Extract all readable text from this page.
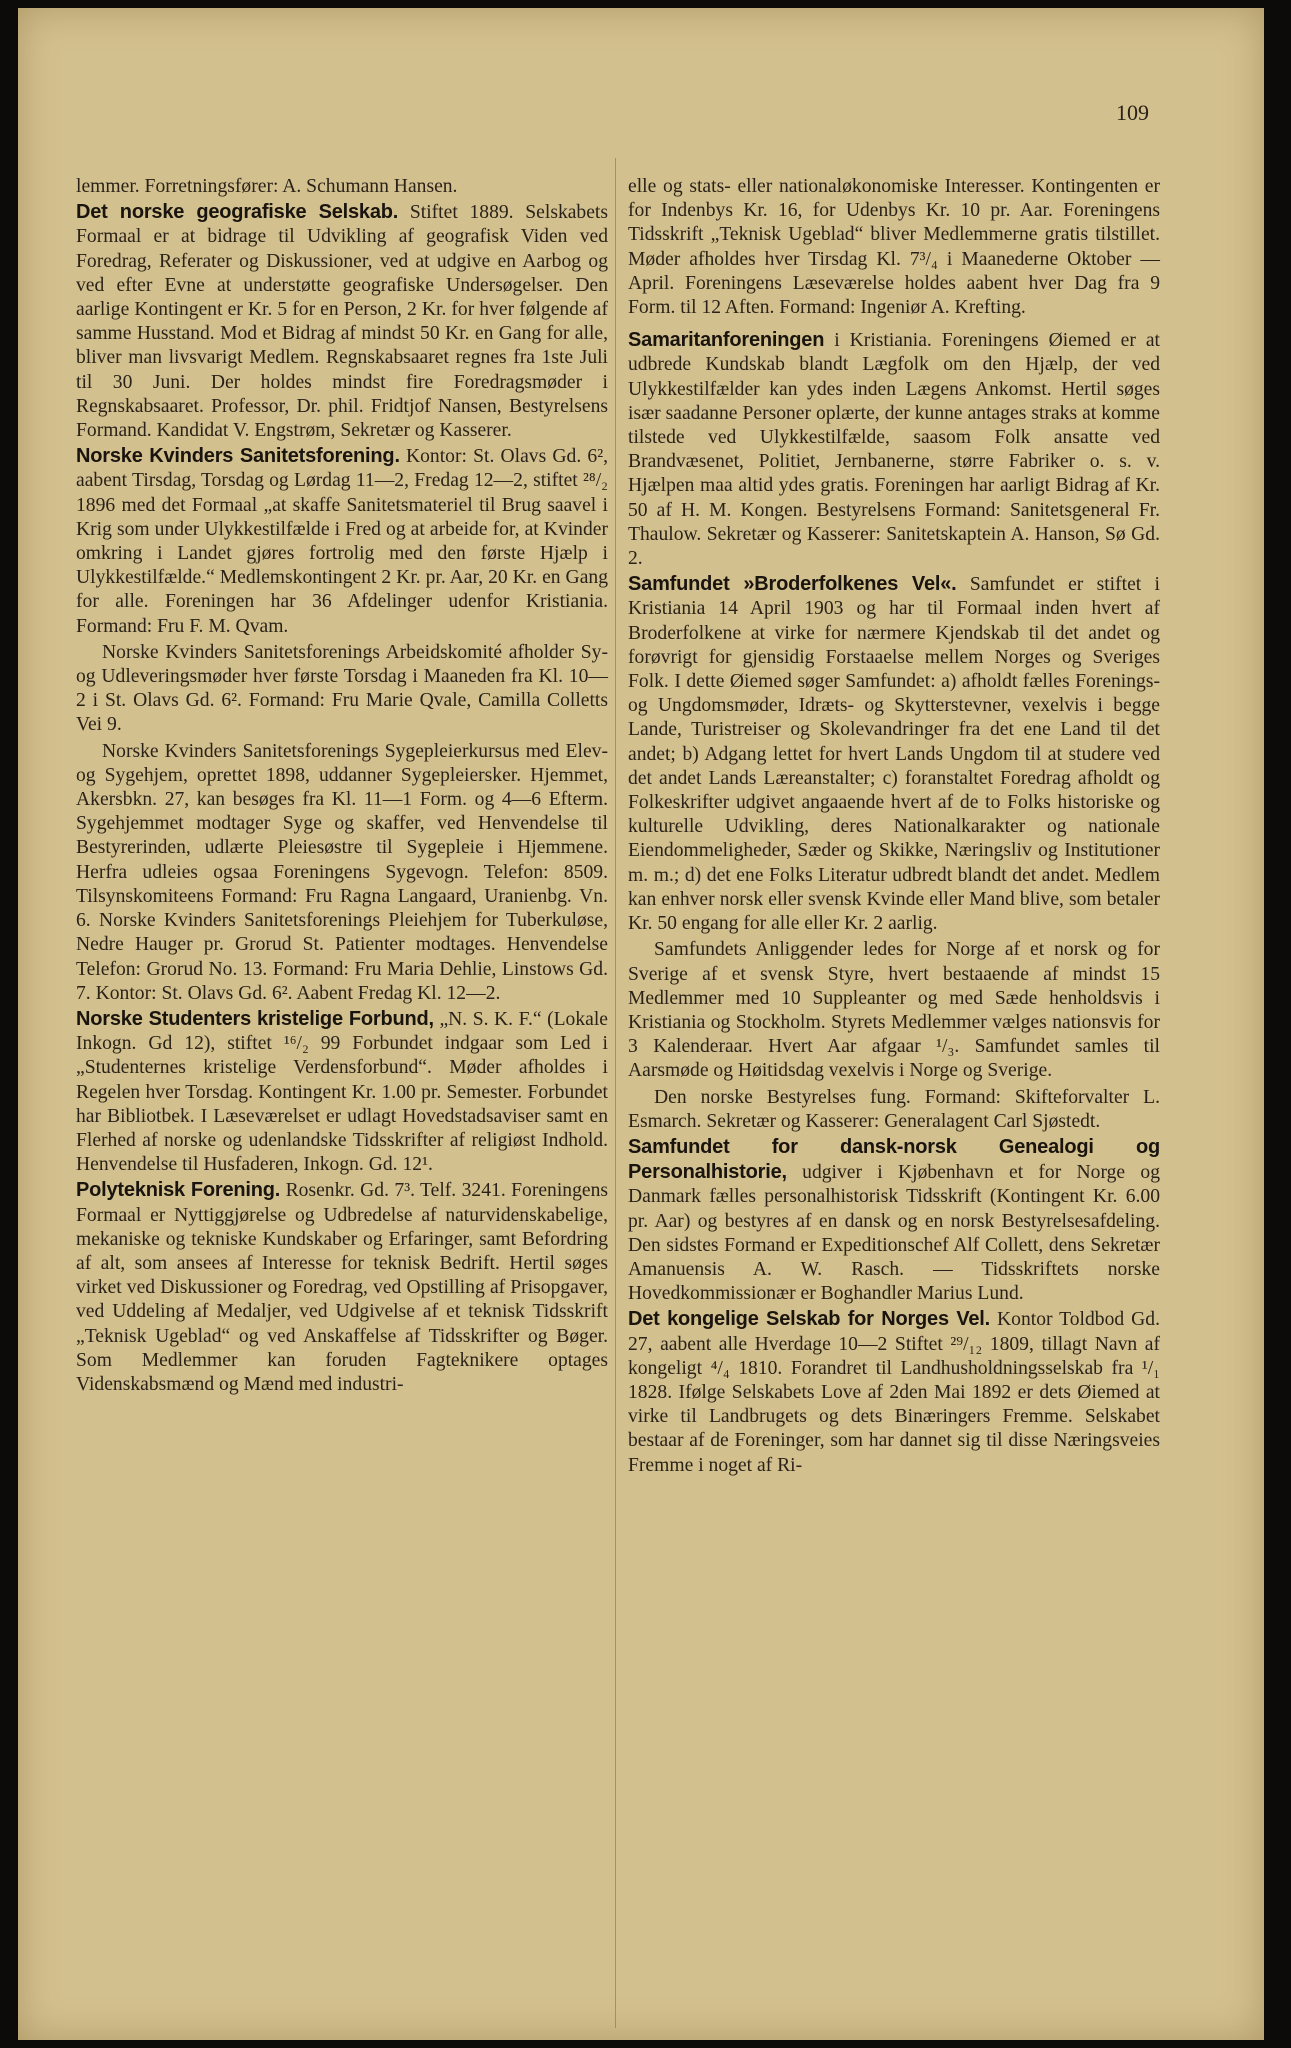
109

lemmer. Forretningsfører: A. Schumann Hansen.

Det norske geografiske Selskab. Stiftet 1889. Selskabets Formaal er at bidrage til Udvikling af geografisk Viden ved Foredrag, Referater og Diskussioner, ved at udgive en Aarbog og ved efter Evne at understøtte geografiske Undersøgelser. Den aarlige Kontingent er Kr. 5 for en Person, 2 Kr. for hver følgende af samme Husstand. Mod et Bidrag af mindst 50 Kr. en Gang for alle, bliver man livsvarigt Medlem. Regnskabsaaret regnes fra 1ste Juli til 30 Juni. Der holdes mindst fire Foredragsmøder i Regnskabsaaret. Professor, Dr. phil. Fridtjof Nansen, Bestyrelsens Formand. Kandidat V. Engstrøm, Sekretær og Kasserer.

Norske Kvinders Sanitetsforening. Kontor: St. Olavs Gd. 6², aabent Tirsdag, Torsdag og Lørdag 11—2, Fredag 12—2, stiftet ²⁸/₂ 1896 med det Formaal „at skaffe Sanitetsmateriel til Brug saavel i Krig som under Ulykkestilfælde i Fred og at arbeide for, at Kvinder omkring i Landet gjøres fortrolig med den første Hjælp i Ulykkestilfælde.“ Medlemskontingent 2 Kr. pr. Aar, 20 Kr. en Gang for alle. Foreningen har 36 Afdelinger udenfor Kristiania. Formand: Fru F. M. Qvam.

Norske Kvinders Sanitetsforenings Arbeidskomité afholder Sy- og Udleveringsmøder hver første Torsdag i Maaneden fra Kl. 10—2 i St. Olavs Gd. 6². Formand: Fru Marie Qvale, Camilla Colletts Vei 9.

Norske Kvinders Sanitetsforenings Sygepleierkursus med Elev- og Sygehjem, oprettet 1898, uddanner Sygepleiersker. Hjemmet, Akersbkn. 27, kan besøges fra Kl. 11—1 Form. og 4—6 Efterm. Sygehjemmet modtager Syge og skaffer, ved Henvendelse til Bestyrerinden, udlærte Pleiesøstre til Sygepleie i Hjemmene. Herfra udleies ogsaa Foreningens Sygevogn. Telefon: 8509. Tilsynskomiteens Formand: Fru Ragna Langaard, Uranienbg. Vn. 6. Norske Kvinders Sanitetsforenings Pleiehjem for Tuberkuløse, Nedre Hauger pr. Grorud St. Patienter modtages. Henvendelse Telefon: Grorud No. 13. Formand: Fru Maria Dehlie, Linstows Gd. 7. Kontor: St. Olavs Gd. 6². Aabent Fredag Kl. 12—2.

Norske Studenters kristelige Forbund, „N. S. K. F.“ (Lokale Inkogn. Gd 12), stiftet ¹⁶/₂ 99 Forbundet indgaar som Led i „Studenternes kristelige Verdensforbund“. Møder afholdes i Regelen hver Torsdag. Kontingent Kr. 1.00 pr. Semester. Forbundet har Bibliotbek. I Læseværelset er udlagt Hovedstadsaviser samt en Flerhed af norske og udenlandske Tidsskrifter af religiøst Indhold. Henvendelse til Husfaderen, Inkogn. Gd. 12¹.

Polyteknisk Forening. Rosenkr. Gd. 7³. Telf. 3241. Foreningens Formaal er Nyttiggjørelse og Udbredelse af naturvidenskabelige, mekaniske og tekniske Kundskaber og Erfaringer, samt Befordring af alt, som ansees af Interesse for teknisk Bedrift. Hertil søges virket ved Diskussioner og Foredrag, ved Opstilling af Prisopgaver, ved Uddeling af Medaljer, ved Udgivelse af et teknisk Tidsskrift „Teknisk Ugeblad“ og ved Anskaffelse af Tidsskrifter og Bøger. Som Medlemmer kan foruden Fagteknikere optages Videnskabsmænd og Mænd med industri-

elle og stats- eller nationaløkonomiske Interesser. Kontingenten er for Indenbys Kr. 16, for Udenbys Kr. 10 pr. Aar. Foreningens Tidsskrift „Teknisk Ugeblad“ bliver Medlemmerne gratis tilstillet. Møder afholdes hver Tirsdag Kl. 7³/₄ i Maanederne Oktober — April. Foreningens Læseværelse holdes aabent hver Dag fra 9 Form. til 12 Aften. Formand: Ingeniør A. Krefting.

Samaritanforeningen i Kristiania. Foreningens Øiemed er at udbrede Kundskab blandt Lægfolk om den Hjælp, der ved Ulykkestilfælder kan ydes inden Lægens Ankomst. Hertil søges især saadanne Personer oplærte, der kunne antages straks at komme tilstede ved Ulykkestilfælde, saasom Folk ansatte ved Brandvæsenet, Politiet, Jernbanerne, større Fabriker o. s. v. Hjælpen maa altid ydes gratis. Foreningen har aarligt Bidrag af Kr. 50 af H. M. Kongen. Bestyrelsens Formand: Sanitetsgeneral Fr. Thaulow. Sekretær og Kasserer: Sanitetskaptein A. Hanson, Sø Gd. 2.

Samfundet »Broderfolkenes Vel«. Samfundet er stiftet i Kristiania 14 April 1903 og har til Formaal inden hvert af Broderfolkene at virke for nærmere Kjendskab til det andet og forøvrigt for gjensidig Forstaaelse mellem Norges og Sveriges Folk. I dette Øiemed søger Samfundet: a) afholdt fælles Forenings- og Ungdomsmøder, Idræts- og Skytterstevner, vexelvis i begge Lande, Turistreiser og Skolevandringer fra det ene Land til det andet; b) Adgang lettet for hvert Lands Ungdom til at studere ved det andet Lands Læreanstalter; c) foranstaltet Foredrag afholdt og Folkeskrifter udgivet angaaende hvert af de to Folks historiske og kulturelle Udvikling, deres Nationalkarakter og nationale Eiendommeligheder, Sæder og Skikke, Næringsliv og Institutioner m. m.; d) det ene Folks Literatur udbredt blandt det andet. Medlem kan enhver norsk eller svensk Kvinde eller Mand blive, som betaler Kr. 50 engang for alle eller Kr. 2 aarlig.

Samfundets Anliggender ledes for Norge af et norsk og for Sverige af et svensk Styre, hvert bestaaende af mindst 15 Medlemmer med 10 Suppleanter og med Sæde henholdsvis i Kristiania og Stockholm. Styrets Medlemmer vælges nationsvis for 3 Kalenderaar. Hvert Aar afgaar ¹/₃. Samfundet samles til Aarsmøde og Høitidsdag vexelvis i Norge og Sverige.

Den norske Bestyrelses fung. Formand: Skifteforvalter L. Esmarch. Sekretær og Kasserer: Generalagent Carl Sjøstedt.

Samfundet for dansk-norsk Genealogi og Personalhistorie, udgiver i Kjøbenhavn et for Norge og Danmark fælles personalhistorisk Tidsskrift (Kontingent Kr. 6.00 pr. Aar) og bestyres af en dansk og en norsk Bestyrelsesafdeling. Den sidstes Formand er Expeditionschef Alf Collett, dens Sekretær Amanuensis A. W. Rasch. — Tidsskriftets norske Hovedkommissionær er Boghandler Marius Lund.

Det kongelige Selskab for Norges Vel. Kontor Toldbod Gd. 27, aabent alle Hverdage 10—2 Stiftet ²⁹/₁₂ 1809, tillagt Navn af kongeligt ⁴/₄ 1810. Forandret til Landhusholdningsselskab fra ¹/₁ 1828. Ifølge Selskabets Love af 2den Mai 1892 er dets Øiemed at virke til Landbrugets og dets Binæringers Fremme. Selskabet bestaar af de Foreninger, som har dannet sig til disse Næringsveies Fremme i noget af Ri-
